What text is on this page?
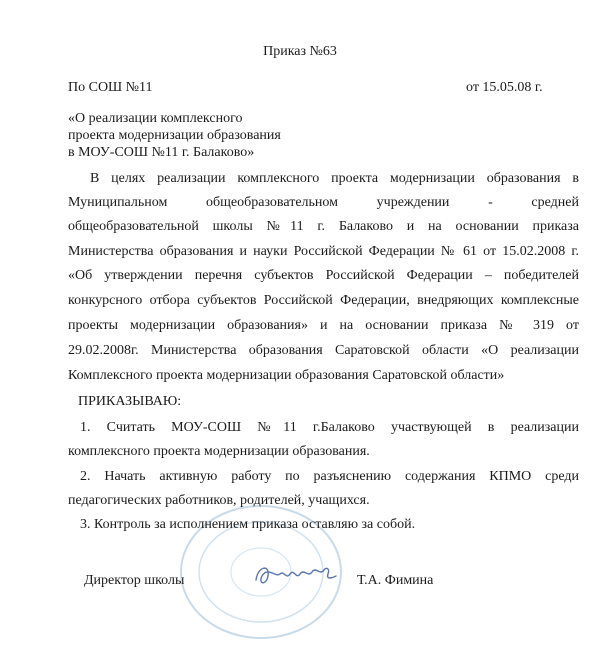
Приказ №63
По СОШ №11	от 15.05.08 г.
«О реализации комплексного
проекта модернизации образования
в МОУ-СОШ №11 г. Балаково»
В целях реализации комплексного проекта модернизации образования в
Муниципальном общеобразовательном учреждении - средней
общеобразовательной школы №11 г. Балаково и на основании приказа
Министерства образования и науки Российской Федерации № 61 от 15.02.2008 г.
«Об утверждении перечня субъектов Российской Федерации – победителей
конкурсного отбора субъектов Российской Федерации, внедряющих комплексные
проекты модернизации образования» и на основании приказа № 319 от
29.02.2008г. Министерства образования Саратовской области «О реализации
Комплексного проекта модернизации образования Саратовской области»
ПРИКАЗЫВАЮ:
1. Считать МОУ-СОШ №11 г.Балаково участвующей в реализации
комплексного проекта модернизации образования.
2. Начать активную работу по разъяснению содержания КПМО среди
педагогических работников, родителей, учащихся.
3. Контроль за исполнением приказа оставляю за собой.
Директор школы	Т.А. Фимина
